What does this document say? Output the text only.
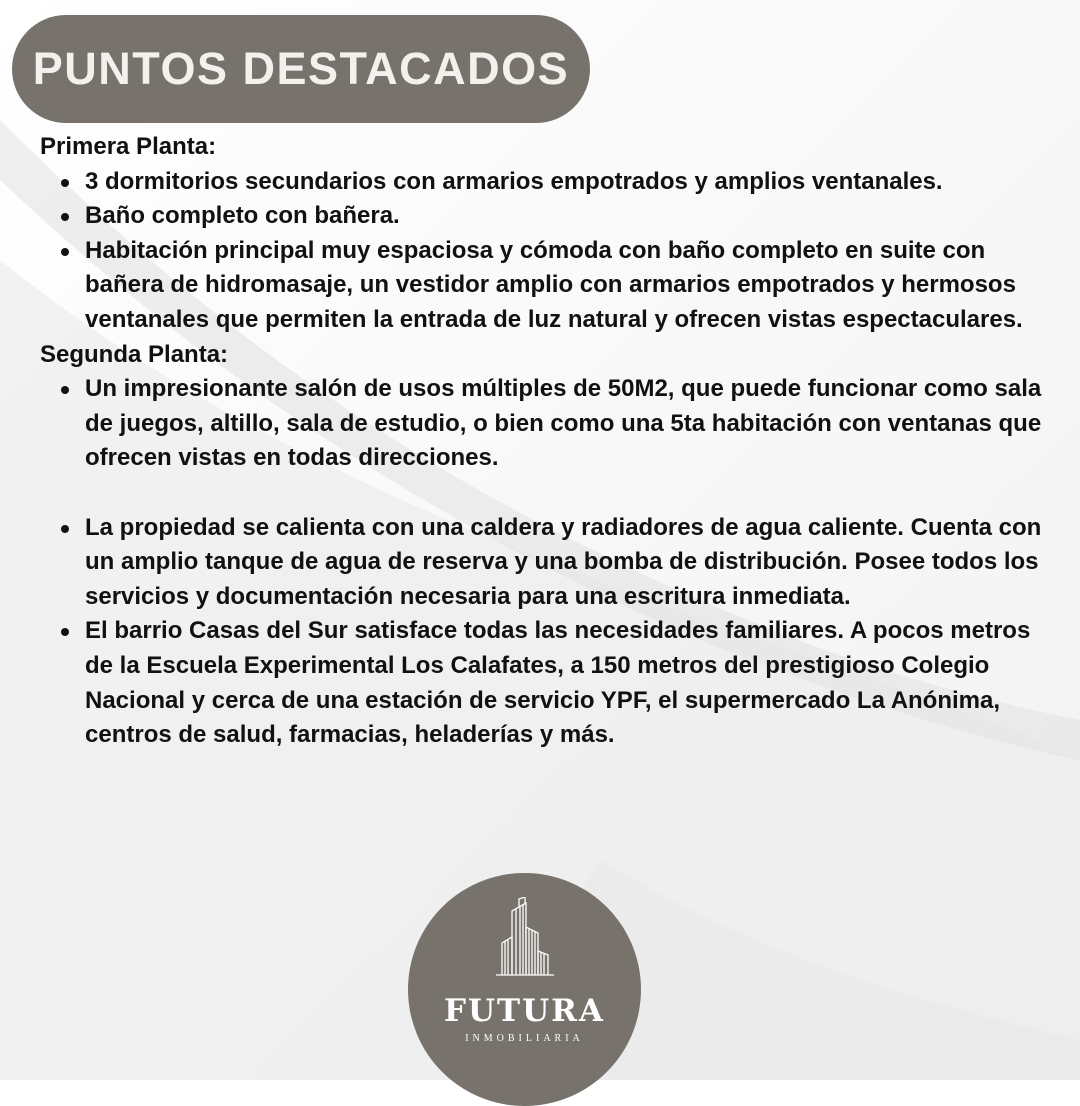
PUNTOS DESTACADOS
Primera Planta:
3 dormitorios secundarios con armarios empotrados y amplios ventanales.
Baño completo con bañera.
Habitación principal muy espaciosa y cómoda con baño completo en suite con bañera de hidromasaje, un vestidor amplio con armarios empotrados y hermosos ventanales que permiten la entrada de luz natural y ofrecen vistas espectaculares.
Segunda Planta:
Un impresionante salón de usos múltiples de 50M2, que puede funcionar como sala de juegos, altillo, sala de estudio, o bien como una 5ta habitación con ventanas que ofrecen vistas en todas direcciones.
La propiedad se calienta con una caldera y radiadores de agua caliente. Cuenta con un amplio tanque de agua de reserva y una bomba de distribución. Posee todos los servicios y documentación necesaria para una escritura inmediata.
El barrio Casas del Sur satisface todas las necesidades familiares. A pocos metros de la Escuela Experimental Los Calafates, a 150 metros del prestigioso Colegio Nacional y cerca de una estación de servicio YPF, el supermercado La Anónima, centros de salud, farmacias, heladerías y más.
FUTURA
INMOBILIARIA
